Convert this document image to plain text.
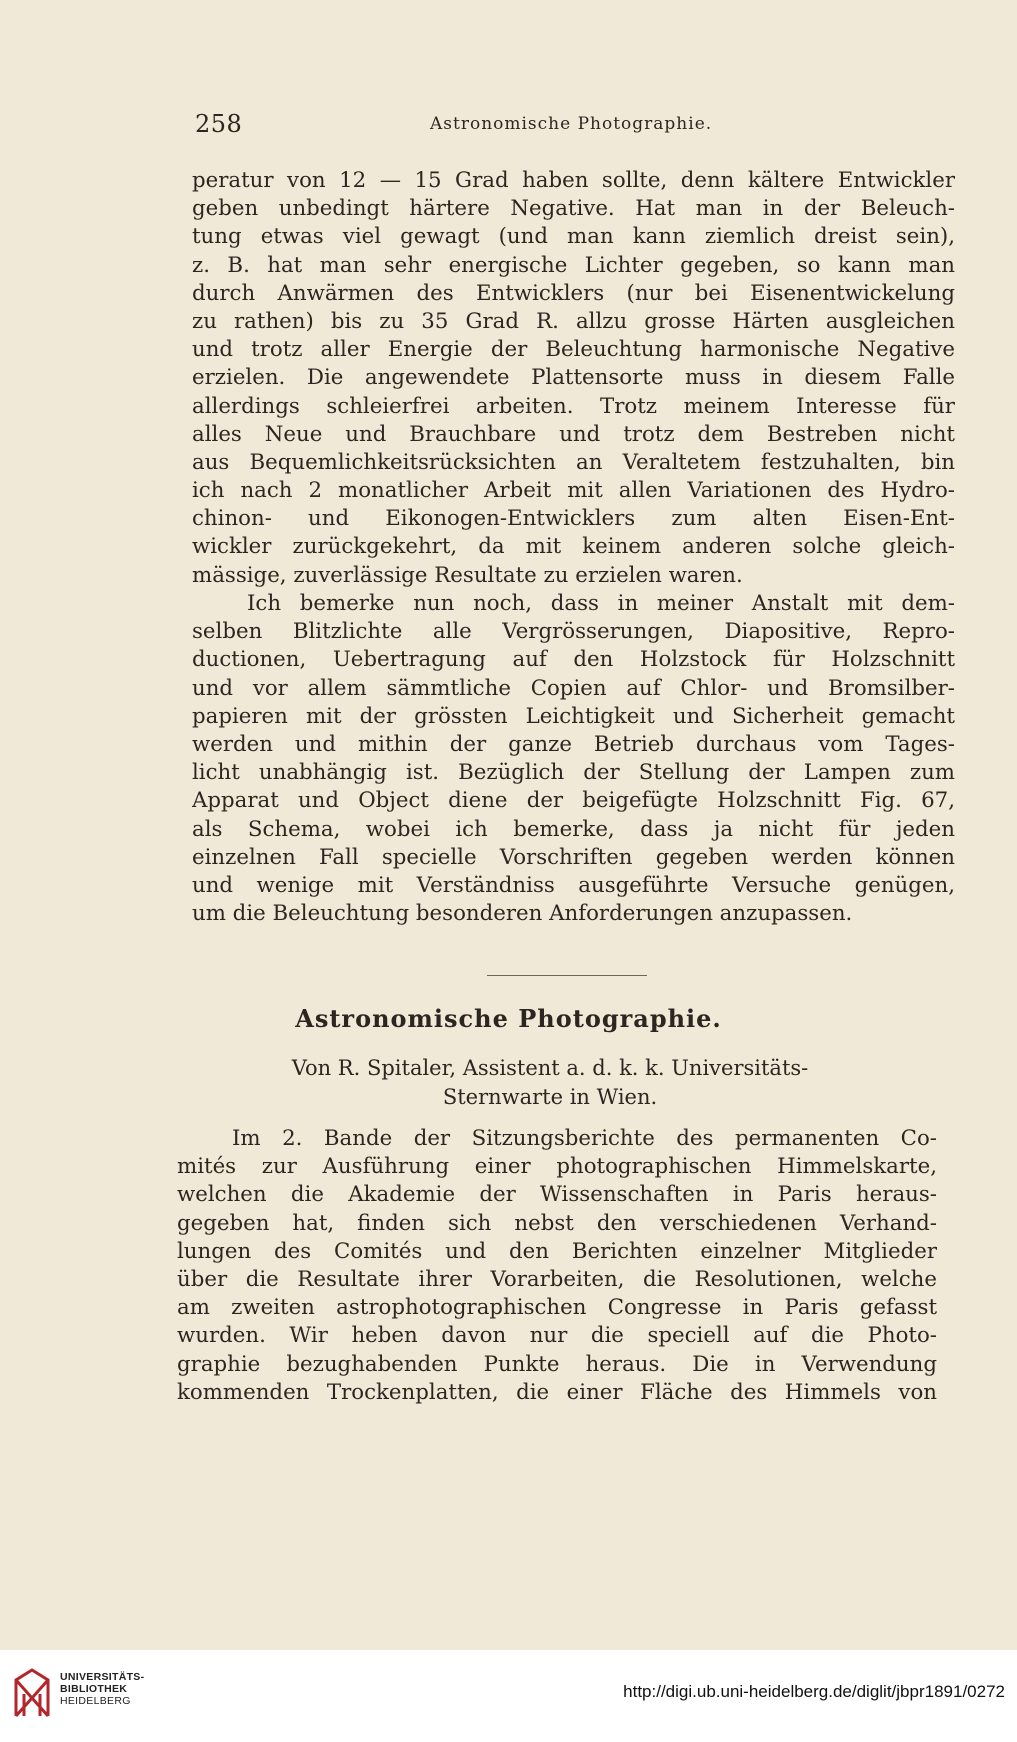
258	Astronomische Photographie.
peratur von 12 — 15 Grad haben sollte, denn kältere Entwickler
geben unbedingt härtere Negative. Hat man in der Beleuch-
tung etwas viel gewagt (und man kann ziemlich dreist sein),
z. B. hat man sehr energische Lichter gegeben, so kann man
durch Anwärmen des Entwicklers (nur bei Eisenentwickelung
zu rathen) bis zu 35 Grad R. allzu grosse Härten ausgleichen
und trotz aller Energie der Beleuchtung harmonische Negative
erzielen. Die angewendete Plattensorte muss in diesem Falle
allerdings schleierfrei arbeiten. Trotz meinem Interesse für
alles Neue und Brauchbare und trotz dem Bestreben nicht
aus Bequemlichkeitsrücksichten an Veraltetem festzuhalten, bin
ich nach 2 monatlicher Arbeit mit allen Variationen des Hydro-
chinon- und Eikonogen-Entwicklers zum alten Eisen-Ent-
wickler zurückgekehrt, da mit keinem anderen solche gleich-
mässige, zuverlässige Resultate zu erzielen waren.
Ich bemerke nun noch, dass in meiner Anstalt mit dem-
selben Blitzlichte alle Vergrösserungen, Diapositive, Repro-
ductionen, Uebertragung auf den Holzstock für Holzschnitt
und vor allem sämmtliche Copien auf Chlor- und Bromsilber-
papieren mit der grössten Leichtigkeit und Sicherheit gemacht
werden und mithin der ganze Betrieb durchaus vom Tages-
licht unabhängig ist. Bezüglich der Stellung der Lampen zum
Apparat und Object diene der beigefügte Holzschnitt Fig. 67,
als Schema, wobei ich bemerke, dass ja nicht für jeden
einzelnen Fall specielle Vorschriften gegeben werden können
und wenige mit Verständniss ausgeführte Versuche genügen,
um die Beleuchtung besonderen Anforderungen anzupassen.
Astronomische Photographie.
Von R. Spitaler, Assistent a. d. k. k. Universitäts-
Sternwarte in Wien.
Im 2. Bande der Sitzungsberichte des permanenten Co-
mités zur Ausführung einer photographischen Himmelskarte,
welchen die Akademie der Wissenschaften in Paris heraus-
gegeben hat, finden sich nebst den verschiedenen Verhand-
lungen des Comités und den Berichten einzelner Mitglieder
über die Resultate ihrer Vorarbeiten, die Resolutionen, welche
am zweiten astrophotographischen Congresse in Paris gefasst
wurden. Wir heben davon nur die speciell auf die Photo-
graphie bezughabenden Punkte heraus. Die in Verwendung
kommenden Trockenplatten, die einer Fläche des Himmels von
UNIVERSITÄTS-
BIBLIOTHEK
HEIDELBERG	http://digi.ub.uni-heidelberg.de/diglit/jbpr1891/0272
